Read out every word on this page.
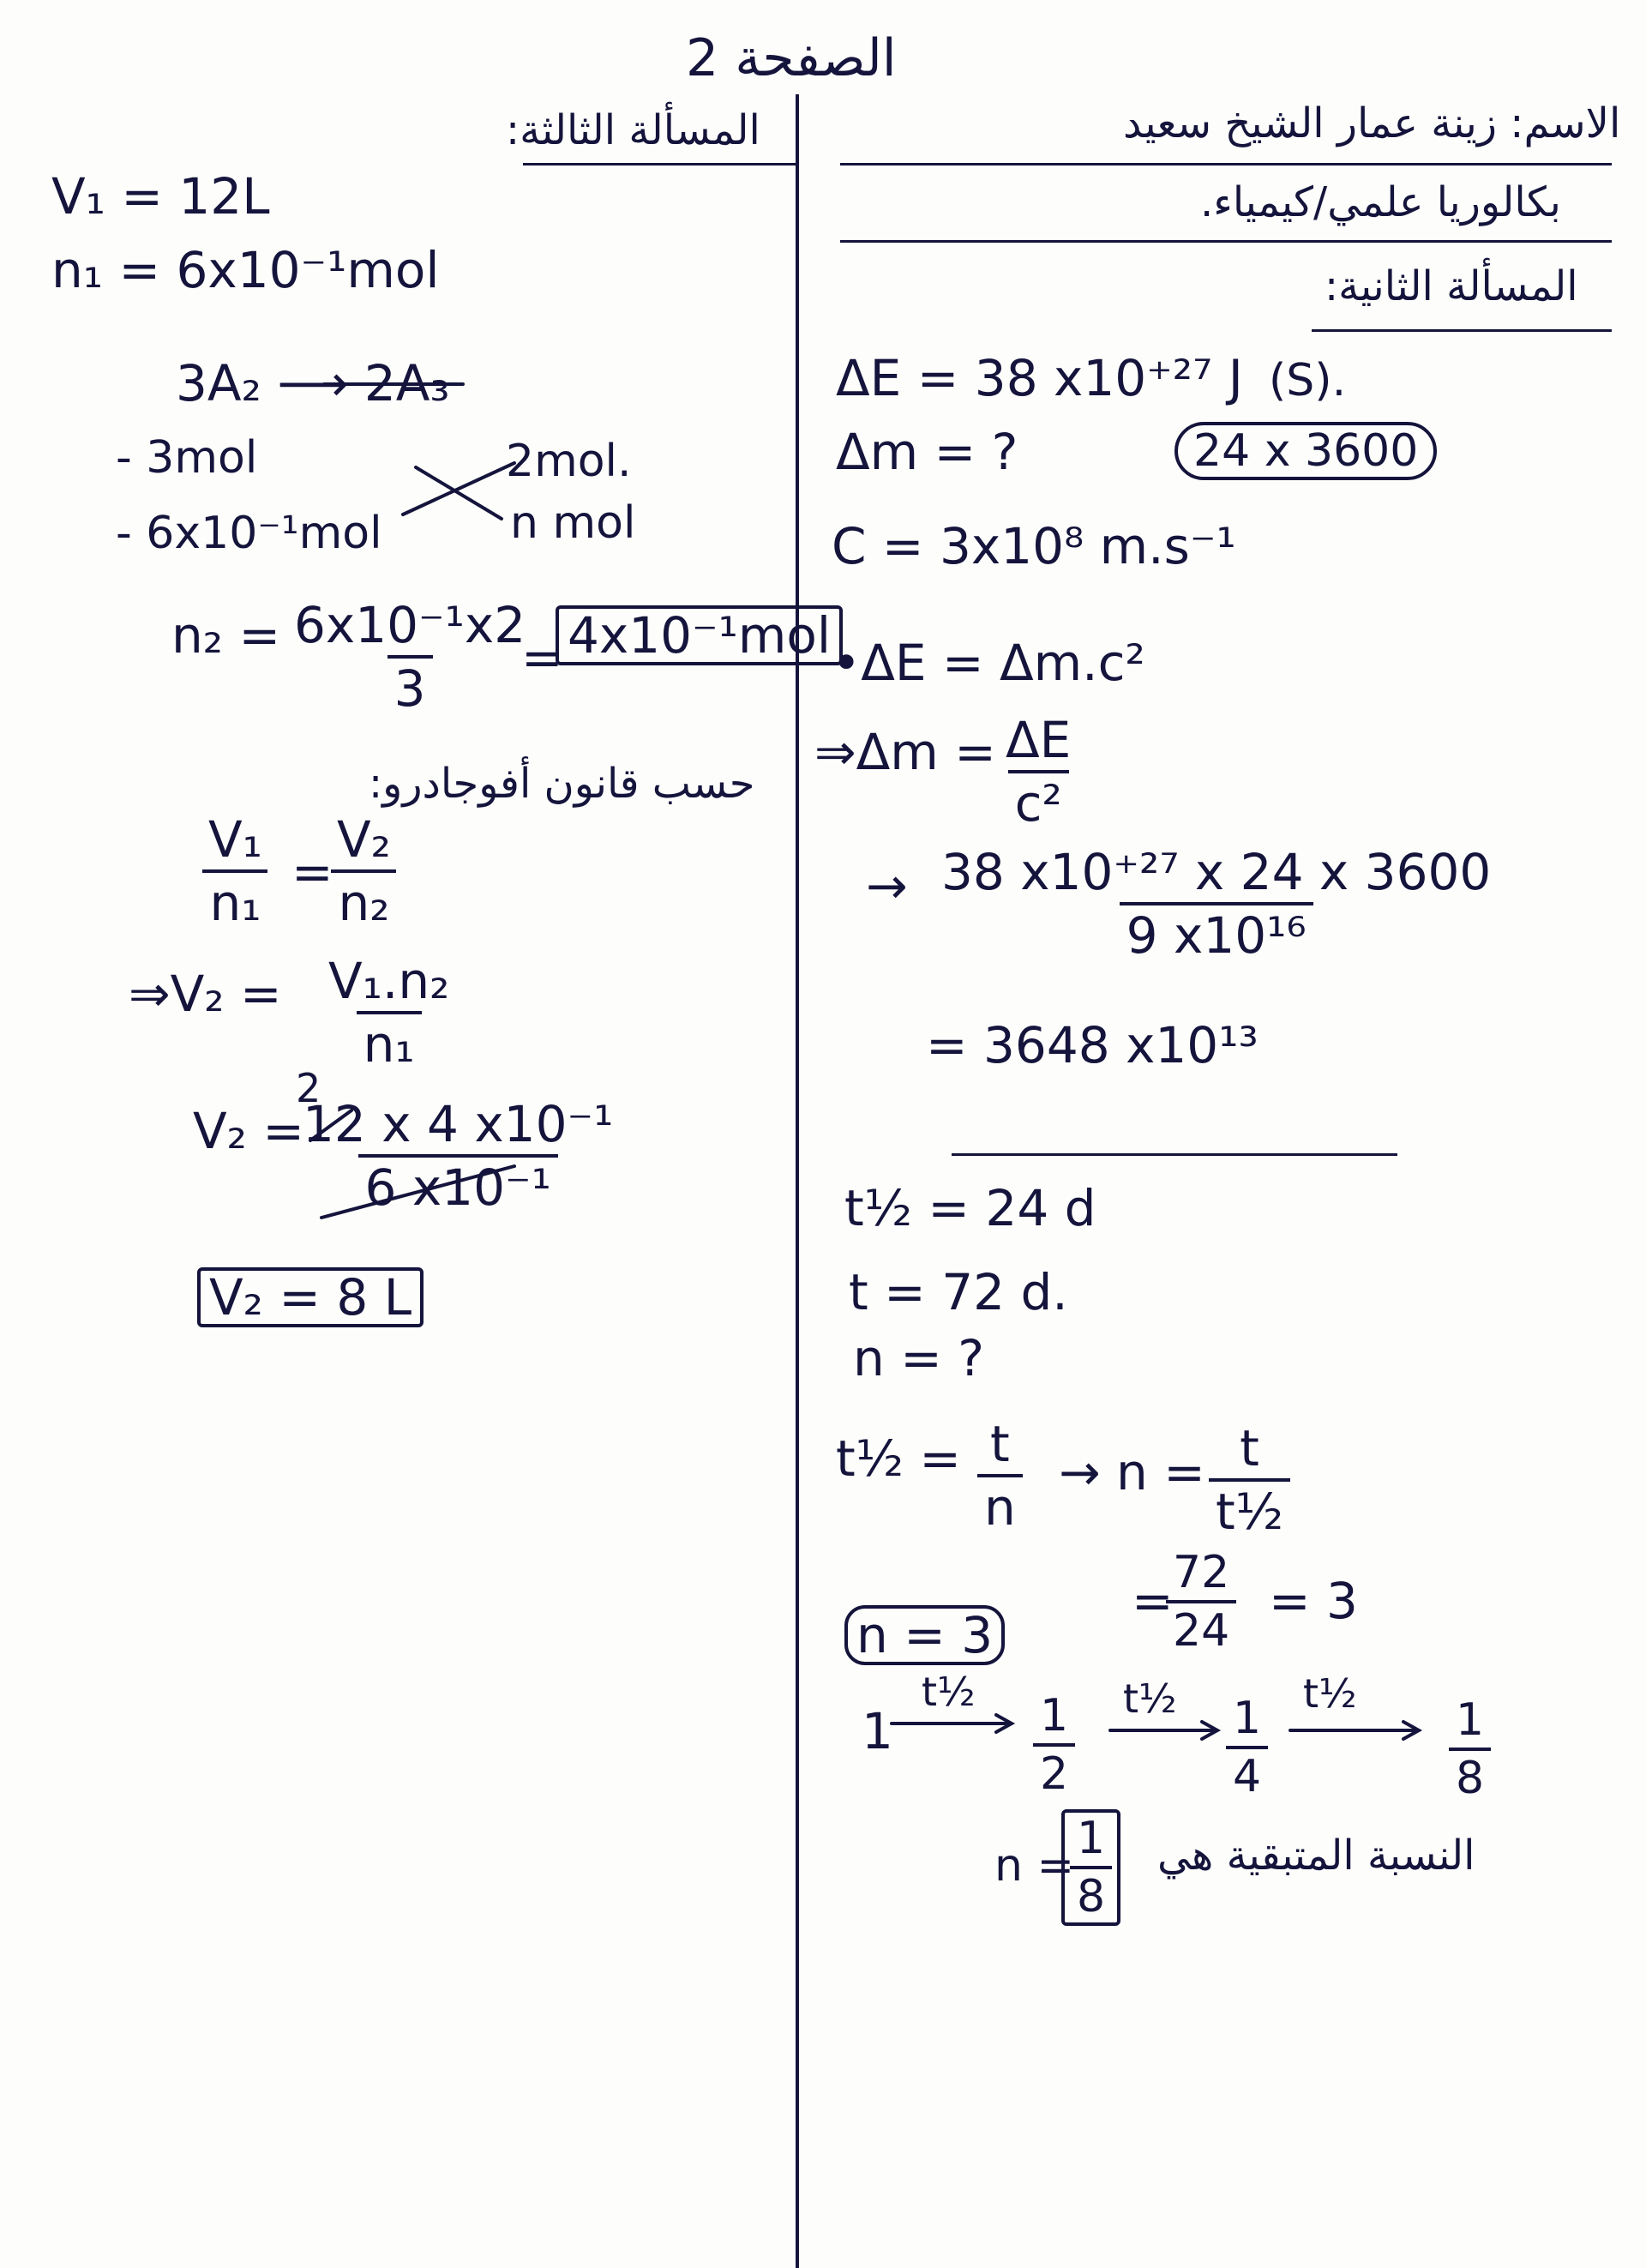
الصفحة 2
الاسم: زينة عمار الشيخ سعيد
بكالوريا علمي/كيمياء.
المسألة الثانية:
المسألة الثالثة:
V₁ = 12L
n₁ = 6x10⁻¹mol
3A₂ ⟶ 2A₃
- 3mol	2mol.
- 6x10⁻¹mol	n mol
$n_2 = \frac{\text{6x10⁻¹x2}}{3}$
= 4x10⁻¹mol
حسب قانون أفوجادرو:
$\frac{\text{V₁}}{\text{n₁}}$ =
$\frac{\text{V₂}}{\text{n₂}}$
⇒V₂ = $\frac{\text{V₁.n₂}}{\text{n₁}}$
2
V₂ =
$\frac{\text{12 x 4 x10⁻¹}}{\text{6 x10⁻¹}}$
V₂ = 8 L
ΔE = 38 x10⁺²⁷ J (S).
Δm = ?	24 x 3600
C = 3x10⁸ m.s⁻¹
•ΔE = Δm.c²
⇒Δm = $\frac{\Delta E}{\text{c²}}$
→ $\frac{\text{38 x10⁺²⁷ x 24 x 3600}}{\text{9 x10¹⁶}}$
= 3648 x10¹³
t½ = 24 d
t = 72 d.
n = ?
t½ = $\frac{t}{n} \to n = \frac{t}{\text{t½}}$
=
$\frac{72}{24} = 3$
n = 3
1
t½	t½	t½
$\frac{1}{2}$	$\frac{1}{4}$	$\frac{1}{8}$
النسبة المتبقية هي
n =
$\frac{1}{8}$
